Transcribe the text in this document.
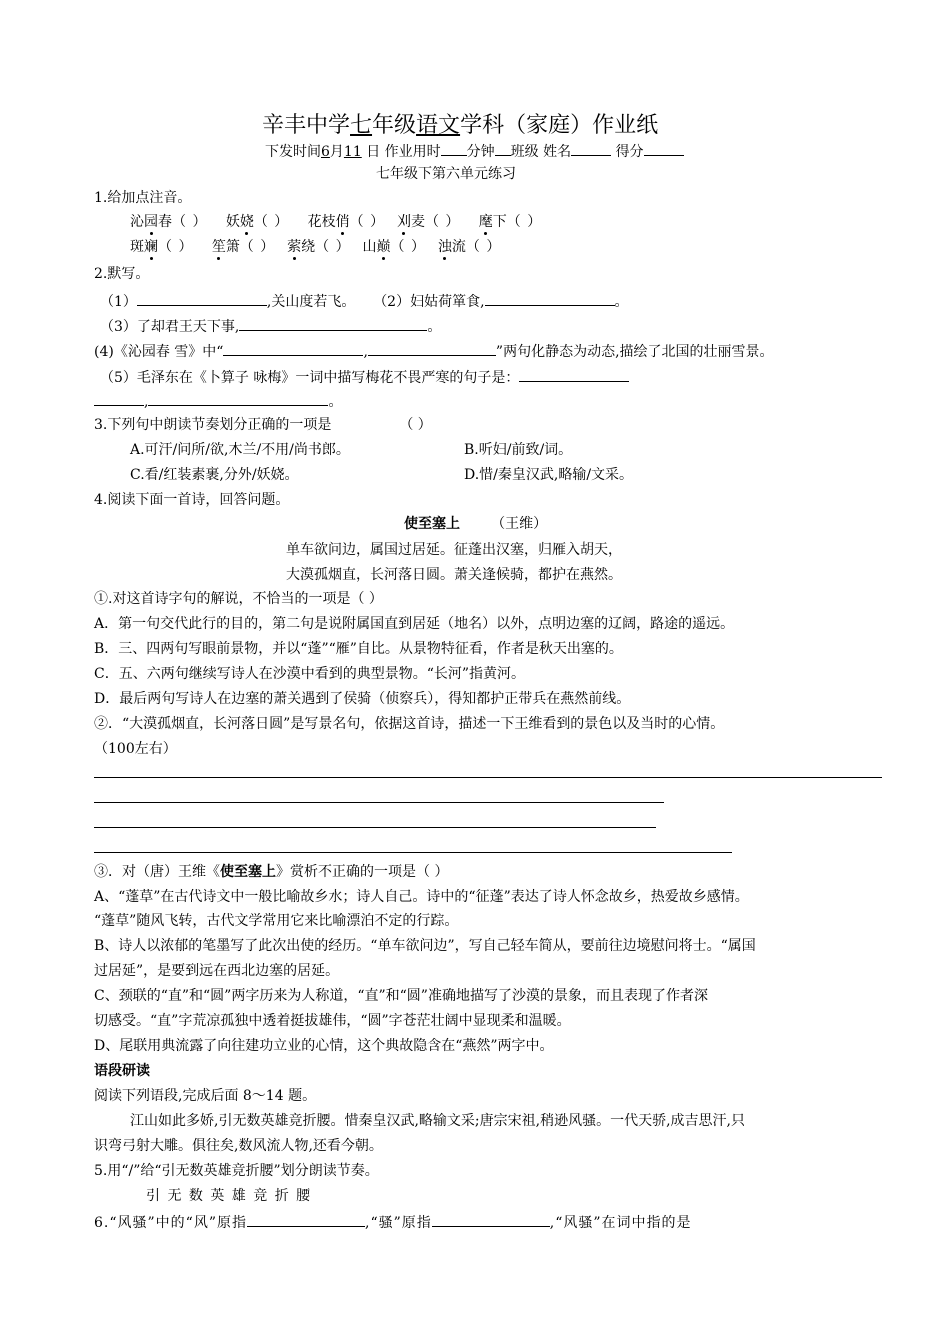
辛丰中学七年级语文学科（家庭）作业纸
下发时间6月11 日 作业用时 分钟 班级 姓名	得分
七年级下第六单元练习
1.给加点注音。
沁园春（ ） 妖娆（ ） 花枝俏（ ） 刈麦（ ） 麾下（ ）
斑斓（ ） 笙箫（ ） 萦绕（ ） 山巅（ ） 浊流（ ）
2.默写。
（1）	,关山度若飞。 （2）妇姑荷箪食,	。
（3）了却君王天下事,	。
(4)《沁园春 雪》中“	,	”两句化静态为动态,描绘了北国的壮丽雪景。
（5）毛泽东在《卜算子 咏梅》一词中描写梅花不畏严寒的句子是：
,	。
3.下列句中朗读节奏划分正确的一项是	（ ）
A.可汗/问所/欲,木兰/不用/尚书郎。	B.听妇/前致/词。
C.看/红装素裹,分外/妖娆。	D.惜/秦皇汉武,略输/文采。
4.阅读下面一首诗，回答问题。
使至塞上 （王维）
单车欲问边，属国过居延。征蓬出汉塞，归雁入胡天，
大漠孤烟直，长河落日圆。萧关逢候骑，都护在燕然。
①.对这首诗字句的解说，不恰当的一项是（ ）
A．第一句交代此行的目的，第二句是说附属国直到居延（地名）以外，点明边塞的辽阔，路途的遥远。
B．三、四两句写眼前景物，并以“蓬”“雁”自比。从景物特征看，作者是秋天出塞的。
C．五、六两句继续写诗人在沙漠中看到的典型景物。“长河”指黄河。
D．最后两句写诗人在边塞的萧关遇到了侯骑（侦察兵），得知都护正带兵在燕然前线。
②．“大漠孤烟直，长河落日圆”是写景名句，依据这首诗，描述一下王维看到的景色以及当时的心情。
（100左右）
③．对（唐）王维《使至塞上》赏析不正确的一项是（ ）
A、“蓬草”在古代诗文中一般比喻故乡水；诗人自己。诗中的“征蓬”表达了诗人怀念故乡，热爱故乡感情。
“蓬草”随风飞转，古代文学常用它来比喻漂泊不定的行踪。
B、诗人以浓郁的笔墨写了此次出使的经历。“单车欲问边”，写自己轻车简从，要前往边境慰问将士。“属国
过居延”，是要到远在西北边塞的居延。
C、颈联的“直”和“圆”两字历来为人称道，“直”和“圆”准确地描写了沙漠的景象，而且表现了作者深
切感受。“直”字荒凉孤独中透着挺拔雄伟，“圆”字苍茫壮阔中显现柔和温暖。
D、尾联用典流露了向往建功立业的心情，这个典故隐含在“燕然”两字中。
语段研读
阅读下列语段,完成后面 8～14 题。
江山如此多娇,引无数英雄竞折腰。惜秦皇汉武,略输文采;唐宗宋祖,稍逊风骚。一代天骄,成吉思汗,只
识弯弓射大雕。俱往矣,数风流人物,还看今朝。
5.用“/”给“引无数英雄竞折腰”划分朗读节奏。
引 无 数 英 雄 竞 折 腰
6.“风骚”中的“风”原指	,“骚”原指	,“风骚”在词中指的是
